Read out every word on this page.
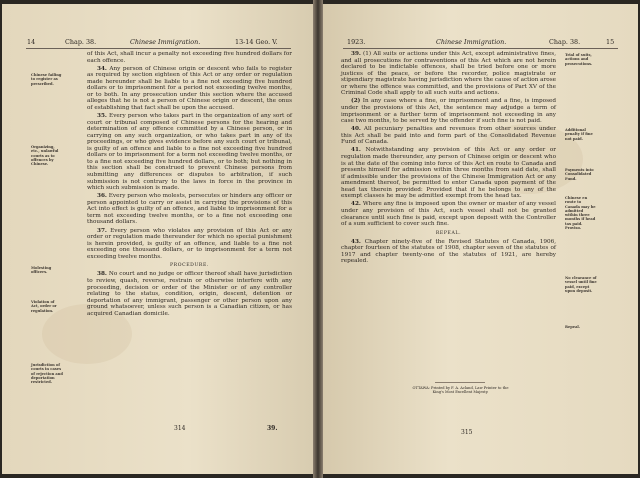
14	Chap. 38.	Chinese Immigration.	13-14 Geo. V.
Chinese failing to register as prescribed.
Organizing, etc., unlawful courts as to offences by Chinese.
Molesting officers.
Violation of Act, order or regulation.
Jurisdiction of courts in cases of rejection and deportation restricted.

of this Act, shall incur a penalty not exceeding five hundred dollars for each offence.

34. Any person of Chinese origin or descent who fails to register as required by section eighteen of this Act or any order or regulation made hereunder shall be liable to a fine not exceeding five hundred dollars or to imprisonment for a period not exceeding twelve months, or to both. In any prosecution under this section where the accused alleges that he is not a person of Chinese origin or descent, the onus of establishing that fact shall be upon the accused.

35. Every person who takes part in the organization of any sort of court or tribunal composed of Chinese persons for the hearing and determination of any offence committed by a Chinese person, or in carrying on any such organization, or who takes part in any of its proceedings, or who gives evidence before any such court or tribunal, is guilty of an offence and liable to a fine not exceeding five hundred dollars or to imprisonment for a term not exceeding twelve months, or to a fine not exceeding five hundred dollars, or to both; but nothing in this section shall be construed to prevent Chinese persons from submitting any differences or disputes to arbitration, if such submission is not contrary to the laws in force in the province in which such submission is made.

36. Every person who molests, persecutes or hinders any officer or person appointed to carry or assist in carrying the provisions of this Act into effect is guilty of an offence, and liable to imprisonment for a term not exceeding twelve months, or to a fine not exceeding one thousand dollars.

37. Every person who violates any provision of this Act or any order or regulation made thereunder for which no special punishment is herein provided, is guilty of an offence, and liable to a fine not exceeding one thousand dollars, or to imprisonment for a term not exceeding twelve months.

PROCEDURE.

38. No court and no judge or officer thereof shall have jurisdiction to review, quash, reverse, restrain or otherwise interfere with any proceeding, decision or order of the Minister or of any controller relating to the status, condition, origin, descent, detention or deportation of any immigrant, passenger or other person upon any ground whatsoever, unless such person is a Canadian citizen, or has acquired Canadian domicile.

314	39.
1923.	Chinese Immigration.	Chap. 38.	15

39. (1) All suits or actions under this Act, except administrative fines, and all prosecutions for contraventions of this Act which are not herein declared to be indictable offences, shall be tried before one or more justices of the peace, or before the recorder, police magistrate or stipendiary magistrate having jurisdiction where the cause of action arose or where the offence was committed, and the provisions of Part XV of the Criminal Code shall apply to all such suits and actions.

(2) In any case where a fine, or imprisonment and a fine, is imposed under the provisions of this Act, the sentence may adjudge a term of imprisonment or a further term of imprisonment not exceeding in any case two months, to be served by the offender if such fine is not paid.

40. All pecuniary penalties and revenues from other sources under this Act shall be paid into and form part of the Consolidated Revenue Fund of Canada.

41. Notwithstanding any provision of this Act or any order or regulation made thereunder, any person of Chinese origin or descent who is at the date of the coming into force of this Act en route to Canada and presents himself for admission within three months from said date, shall if admissible under the provisions of the Chinese Immigration Act or any amendment thereof, be permitted to enter Canada upon payment of the head tax therein provided: Provided that if he belongs to any of the exempt classes he may be admitted exempt from the head tax.

42. Where any fine is imposed upon the owner or master of any vessel under any provision of this Act, such vessel shall not be granted clearance until such fine is paid, except upon deposit with the Controller of a sum sufficient to cover such fine.

REPEAL.

43. Chapter ninety-five of the Revised Statutes of Canada, 1906, chapter fourteen of the statutes of 1908, chapter seven of the statutes of 1917 and chapter twenty-one of the statutes of 1921, are hereby repealed.

Trial of suits, actions and prosecutions.
Additional penalty if fine not paid.
Payments into Consolidated Fund.
Chinese en route to Canada may be admitted within three months if head tax paid. Proviso.
No clearance of vessel until fine paid, except upon deposit.
Repeal.
OTTAWA: Printed by F. A. Acland, Law Printer to the
King's Most Excellent Majesty.
315
